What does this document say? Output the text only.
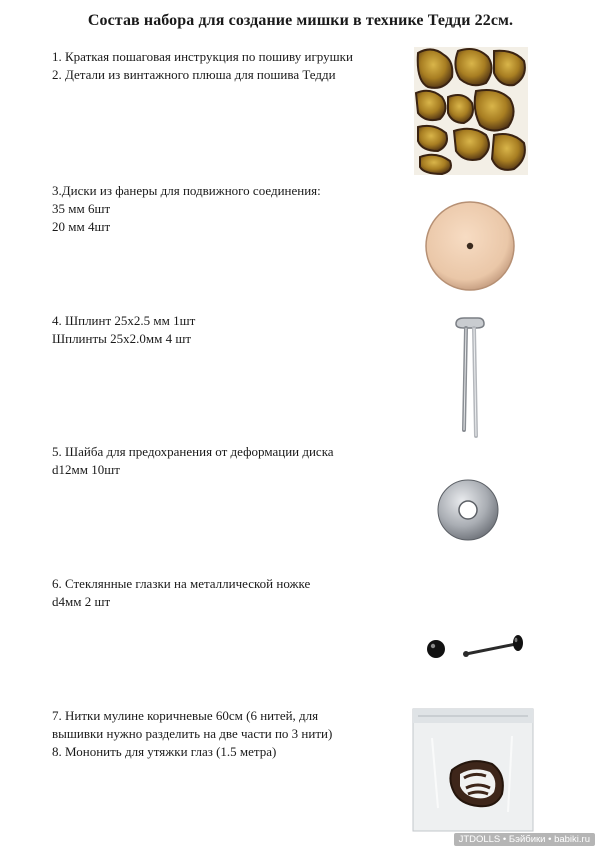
Состав набора для создание мишки в технике Тедди 22см.

1. Краткая пошаговая инструкция по пошиву игрушки

2. Детали из винтажного плюша для пошива Тедди

3.Диски из фанеры для подвижного соединения:

35 мм 6шт

20 мм 4шт

4. Шплинт 25х2.5 мм 1шт

Шплинты 25х2.0мм 4 шт

5. Шайба для предохранения от деформации диска

d12мм 10шт

6. Стеклянные глазки на металлической ножке

d4мм 2 шт

7. Нитки мулине коричневые 60см (6 нитей, для

вышивки нужно разделить на две части по 3 нити)

8. Мононить для утяжки глаз (1.5 метра)

JTDOLLS • Бэйбики • babiki.ru
